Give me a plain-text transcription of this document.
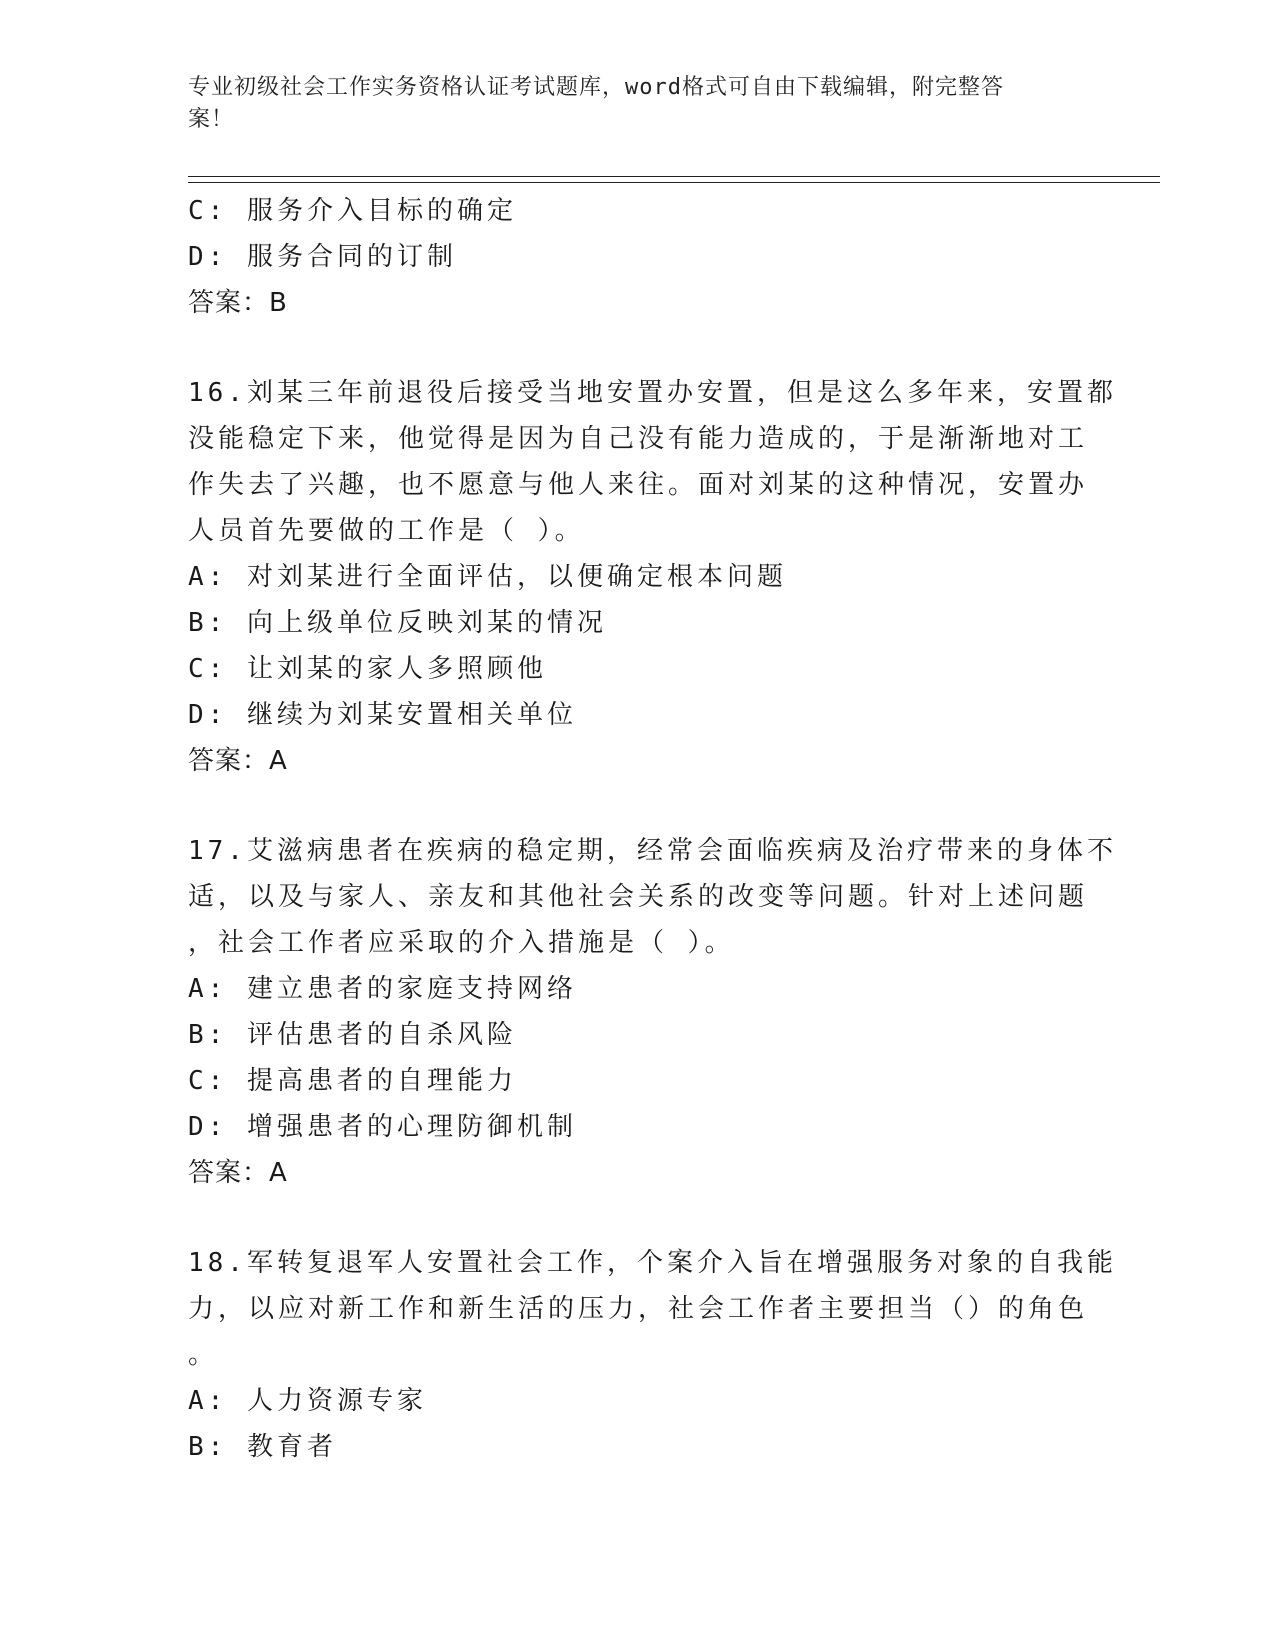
专业初级社会工作实务资格认证考试题库，word格式可自由下载编辑，附完整答
案！
C: 服务介入目标的确定
D: 服务合同的订制
答案：B
16.刘某三年前退役后接受当地安置办安置，但是这么多年来，安置都
没能稳定下来，他觉得是因为自己没有能力造成的，于是渐渐地对工
作失去了兴趣，也不愿意与他人来往。面对刘某的这种情况，安置办
人员首先要做的工作是（ ）。
A: 对刘某进行全面评估，以便确定根本问题
B: 向上级单位反映刘某的情况
C: 让刘某的家人多照顾他
D: 继续为刘某安置相关单位
答案：A
17.艾滋病患者在疾病的稳定期，经常会面临疾病及治疗带来的身体不
适，以及与家人、亲友和其他社会关系的改变等问题。针对上述问题
，社会工作者应采取的介入措施是（ ）。
A: 建立患者的家庭支持网络
B: 评估患者的自杀风险
C: 提高患者的自理能力
D: 增强患者的心理防御机制
答案：A
18.军转复退军人安置社会工作，个案介入旨在增强服务对象的自我能
力，以应对新工作和新生活的压力，社会工作者主要担当（）的角色
。
A: 人力资源专家
B: 教育者
